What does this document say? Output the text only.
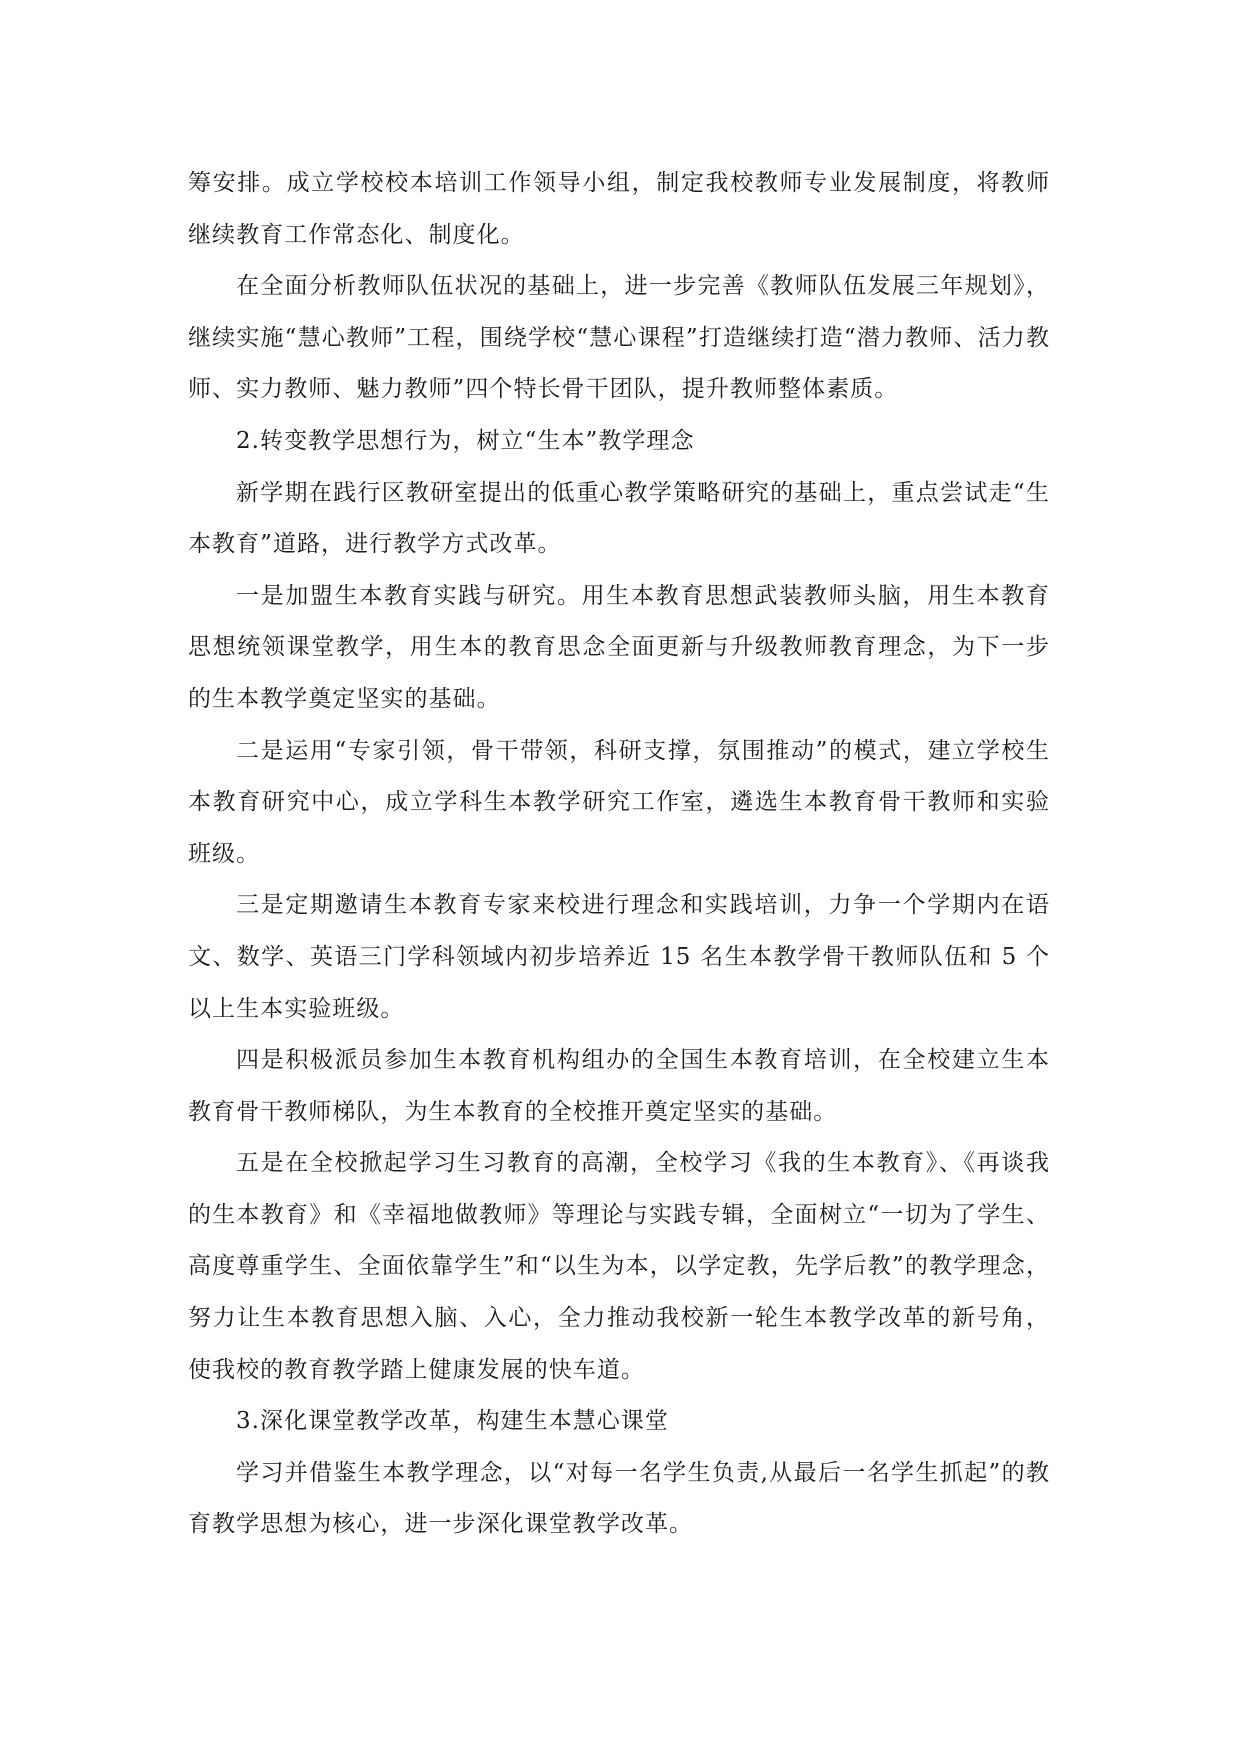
筹安排。成立学校校本培训工作领导小组，制定我校教师专业发展制度，将教师继续教育工作常态化、制度化。

在全面分析教师队伍状况的基础上，进一步完善《教师队伍发展三年规划》，继续实施“慧心教师”工程，围绕学校“慧心课程”打造继续打造“潜力教师、活力教师、实力教师、魅力教师”四个特长骨干团队，提升教师整体素质。

2.转变教学思想行为，树立“生本”教学理念

新学期在践行区教研室提出的低重心教学策略研究的基础上，重点尝试走“生本教育”道路，进行教学方式改革。

一是加盟生本教育实践与研究。用生本教育思想武装教师头脑，用生本教育思想统领课堂教学，用生本的教育思念全面更新与升级教师教育理念，为下一步的生本教学奠定坚实的基础。

二是运用“专家引领，骨干带领，科研支撑，氛围推动”的模式，建立学校生本教育研究中心，成立学科生本教学研究工作室，遴选生本教育骨干教师和实验班级。

三是定期邀请生本教育专家来校进行理念和实践培训，力争一个学期内在语文、数学、英语三门学科领域内初步培养近 15 名生本教学骨干教师队伍和 5 个以上生本实验班级。

四是积极派员参加生本教育机构组办的全国生本教育培训，在全校建立生本教育骨干教师梯队，为生本教育的全校推开奠定坚实的基础。

五是在全校掀起学习生习教育的高潮，全校学习《我的生本教育》、《再谈我的生本教育》和《幸福地做教师》等理论与实践专辑，全面树立“一切为了学生、高度尊重学生、全面依靠学生”和“以生为本，以学定教，先学后教”的教学理念，努力让生本教育思想入脑、入心，全力推动我校新一轮生本教学改革的新号角，使我校的教育教学踏上健康发展的快车道。

3.深化课堂教学改革，构建生本慧心课堂

学习并借鉴生本教学理念，以“对每一名学生负责,从最后一名学生抓起”的教育教学思想为核心，进一步深化课堂教学改革。
